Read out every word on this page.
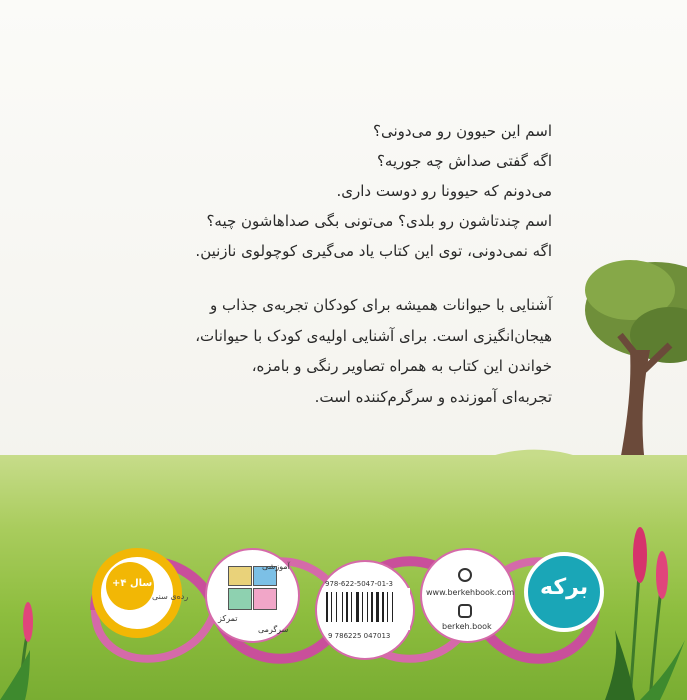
اسم این حیوون رو می‌دونی؟

اگه گفتی صداش چه جوریه؟

می‌دونم که حیوونا رو دوست داری.

اسم چندتاشون رو بلدی؟ می‌تونی بگی صداهاشون چیه؟

اگه نمی‌دونی، توی این کتاب یاد می‌گیری کوچولوی نازنین.

آشنایی با حیوانات همیشه برای کودکان تجربه‌ی جذاب و

هیجان‌انگیزی است. برای آشنایی اولیه‌ی کودک با حیوانات،

خواندن این کتاب به همراه تصاویر رنگی و بامزه،

تجربه‌ای آموزنده و سرگرم‌کننده است.

+۴ سال
رده‌ی سنی
آموزشی
تمرکز
سرگرمی
978-622-5047-01-3
9 786225 047013
www.berkehbook.com
berkeh.book
برکه
